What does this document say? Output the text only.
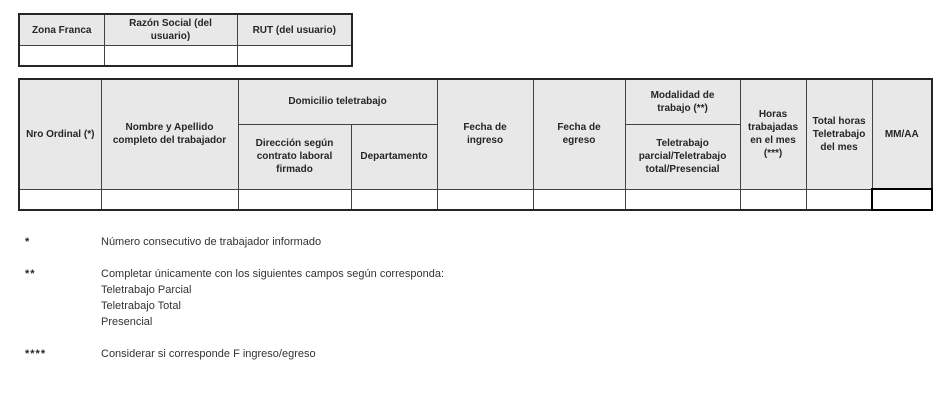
Zona Franca	Razón Social (del usuario)	RUT (del usuario)

Nro Ordinal (*)	Nombre y Apellido completo del trabajador	Domicilio teletrabajo		Fecha de ingreso	Fecha de egreso	Modalidad de trabajo (**)	Horas trabajadas en el mes (***)	Total horas Teletrabajo del mes	MM/AA
		Dirección según contrato laboral firmado	Departamento			Teletrabajo parcial/Teletrabajo total/Presencial			

*	Número consecutivo de trabajador informado
**	Completar únicamente con los siguientes campos según corresponda:
Teletrabajo Parcial
Teletrabajo Total
Presencial
****	Considerar si corresponde F ingreso/egreso
